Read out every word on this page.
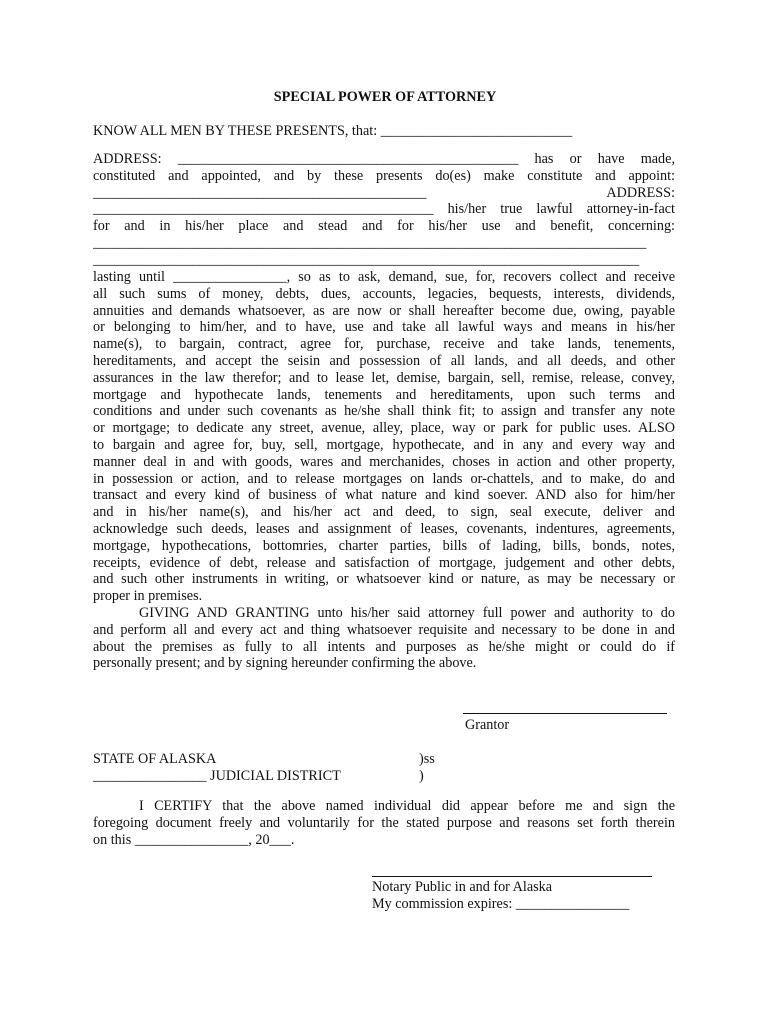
SPECIAL POWER OF ATTORNEY
KNOW ALL MEN BY THESE PRESENTS, that: ___________________________
ADDRESS: ________________________________________________ has or have made,
constituted and appointed, and by these presents do(es) make constitute and appoint:
_______________________________________________ ADDRESS:
________________________________________________ his/her true lawful attorney-in-fact
for and in his/her place and stead and for his/her use and benefit, concerning:
______________________________________________________________________________
_____________________________________________________________________________
lasting until ________________, so as to ask, demand, sue, for, recovers collect and receive
all such sums of money, debts, dues, accounts, legacies, bequests, interests, dividends,
annuities and demands whatsoever, as are now or shall hereafter become due, owing, payable
or belonging to him/her, and to have, use and take all lawful ways and means in his/her
name(s), to bargain, contract, agree for, purchase, receive and take lands, tenements,
hereditaments, and accept the seisin and possession of all lands, and all deeds, and other
assurances in the law therefor; and to lease let, demise, bargain, sell, remise, release, convey,
mortgage and hypothecate lands, tenements and hereditaments, upon such terms and
conditions and under such covenants as he/she shall think fit; to assign and transfer any note
or mortgage; to dedicate any street, avenue, alley, place, way or park for public uses. ALSO
to bargain and agree for, buy, sell, mortgage, hypothecate, and in any and every way and
manner deal in and with goods, wares and merchanides, choses in action and other property,
in possession or action, and to release mortgages on lands or-chattels, and to make, do and
transact and every kind of business of what nature and kind soever. AND also for him/her
and in his/her name(s), and his/her act and deed, to sign, seal execute, deliver and
acknowledge such deeds, leases and assignment of leases, covenants, indentures, agreements,
mortgage, hypothecations, bottomries, charter parties, bills of lading, bills, bonds, notes,
receipts, evidence of debt, release and satisfaction of mortgage, judgement and other debts,
and such other instruments in writing, or whatsoever kind or nature, as may be necessary or
proper in premises.
GIVING AND GRANTING unto his/her said attorney full power and authority to do
and perform all and every act and thing whatsoever requisite and necessary to be done in and
about the premises as fully to all intents and purposes as he/she might or could do if
personally present; and by signing hereunder confirming the above.
Grantor
STATE OF ALASKA
________________ JUDICIAL DISTRICT
)ss
)
I CERTIFY that the above named individual did appear before me and sign the
foregoing document freely and voluntarily for the stated purpose and reasons set forth therein
on this ________________, 20___.
Notary Public in and for Alaska
My commission expires: ________________
